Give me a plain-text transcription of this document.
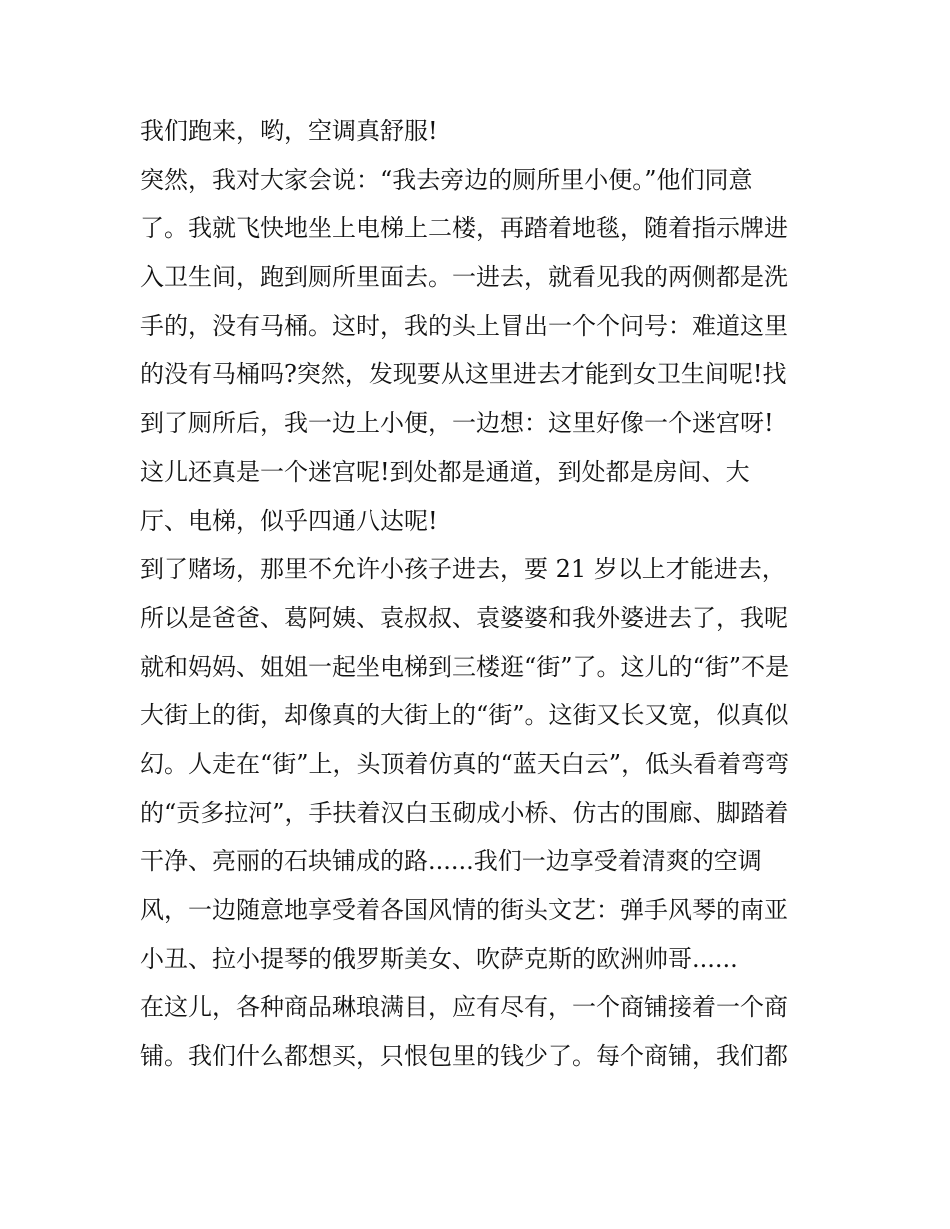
我们跑来，哟，空调真舒服!
突然，我对大家会说：“我去旁边的厕所里小便。”他们同意
了。我就飞快地坐上电梯上二楼，再踏着地毯，随着指示牌进
入卫生间，跑到厕所里面去。一进去，就看见我的两侧都是洗
手的，没有马桶。这时，我的头上冒出一个个问号：难道这里
的没有马桶吗?突然，发现要从这里进去才能到女卫生间呢!找
到了厕所后，我一边上小便，一边想：这里好像一个迷宫呀!
这儿还真是一个迷宫呢!到处都是通道，到处都是房间、大
厅、电梯，似乎四通八达呢!
到了赌场，那里不允许小孩子进去，要 21 岁以上才能进去，
所以是爸爸、葛阿姨、袁叔叔、袁婆婆和我外婆进去了，我呢
就和妈妈、姐姐一起坐电梯到三楼逛“街”了。这儿的“街”不是
大街上的街，却像真的大街上的“街”。这街又长又宽，似真似
幻。人走在“街”上，头顶着仿真的“蓝天白云”，低头看着弯弯
的“贡多拉河”，手扶着汉白玉砌成小桥、仿古的围廊、脚踏着
干净、亮丽的石块铺成的路......我们一边享受着清爽的空调
风，一边随意地享受着各国风情的街头文艺：弹手风琴的南亚
小丑、拉小提琴的俄罗斯美女、吹萨克斯的欧洲帅哥......
在这儿，各种商品琳琅满目，应有尽有，一个商铺接着一个商
铺。我们什么都想买，只恨包里的钱少了。每个商铺，我们都
